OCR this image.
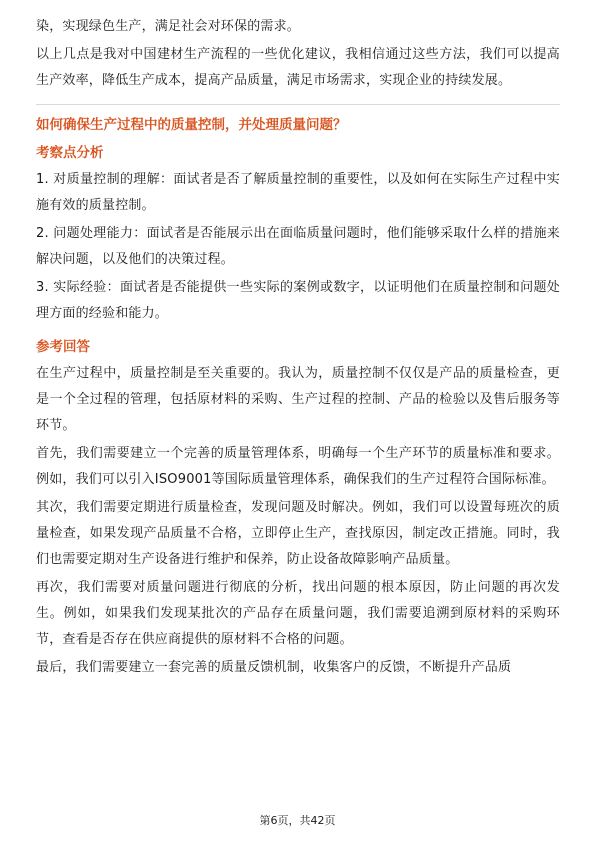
染，实现绿色生产，满足社会对环保的需求。

以上几点是我对中国建材生产流程的一些优化建议，我相信通过这些方法，我们可以提高生产效率，降低生产成本，提高产品质量，满足市场需求，实现企业的持续发展。

如何确保生产过程中的质量控制，并处理质量问题？
考察点分析

1. 对质量控制的理解：面试者是否了解质量控制的重要性，以及如何在实际生产过程中实施有效的质量控制。

2. 问题处理能力：面试者是否能展示出在面临质量问题时，他们能够采取什么样的措施来解决问题，以及他们的决策过程。

3. 实际经验：面试者是否能提供一些实际的案例或数字，以证明他们在质量控制和问题处理方面的经验和能力。

参考回答

在生产过程中，质量控制是至关重要的。我认为，质量控制不仅仅是产品的质量检查，更是一个全过程的管理，包括原材料的采购、生产过程的控制、产品的检验以及售后服务等环节。

首先，我们需要建立一个完善的质量管理体系，明确每一个生产环节的质量标准和要求。例如，我们可以引入ISO9001等国际质量管理体系，确保我们的生产过程符合国际标准。

其次，我们需要定期进行质量检查，发现问题及时解决。例如，我们可以设置每班次的质量检查，如果发现产品质量不合格，立即停止生产，查找原因，制定改正措施。同时，我们也需要定期对生产设备进行维护和保养，防止设备故障影响产品质量。

再次，我们需要对质量问题进行彻底的分析，找出问题的根本原因，防止问题的再次发生。例如，如果我们发现某批次的产品存在质量问题，我们需要追溯到原材料的采购环节，查看是否存在供应商提供的原材料不合格的问题。

最后，我们需要建立一套完善的质量反馈机制，收集客户的反馈，不断提升产品质

第6页，共42页
